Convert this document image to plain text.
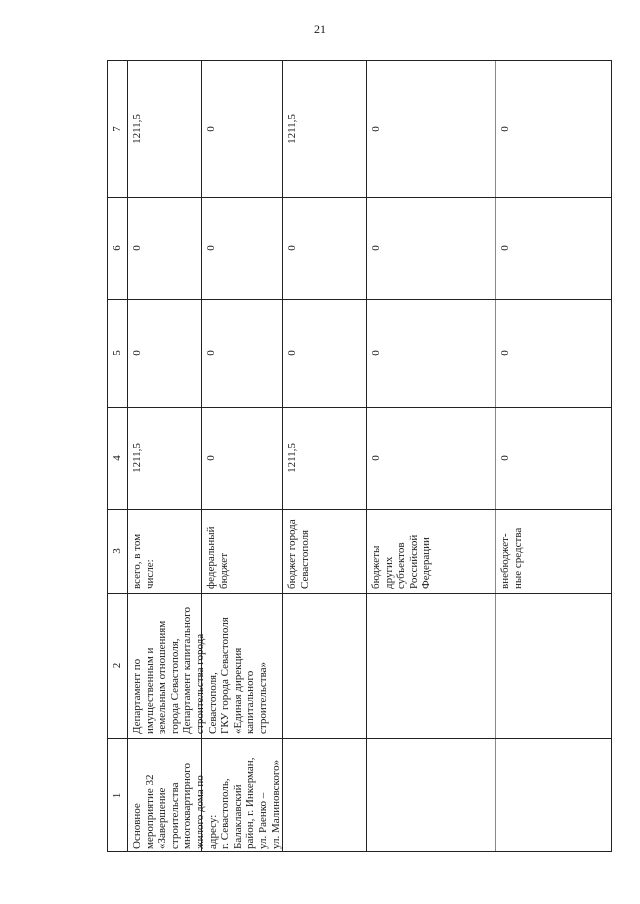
21
1
2
3
4
5
6
7
Основное
мероприятие 32
«Завершение
строительства
многоквартирного
жилого дома по
адресу:
г. Севастополь,
Балаклавский
район, г. Инкерман,
ул. Раенко –
ул. Малиновского»
Департамент по
имущественным и
земельным отношениям
города Севастополя,
Департамент капитального
строительства города
Севастополя,
ГКУ города Севастополя
«Единая дирекция
капитального
строительства»
всего, в том
числе:
1211,5
0
0
1211,5
федеральный
бюджет
0
0
0
0
бюджет города
Севастополя
1211,5
0
0
1211,5
бюджеты
других
субъектов
Российской
Федерации
0
0
0
0
внебюджет-
ные средства
0
0
0
0
